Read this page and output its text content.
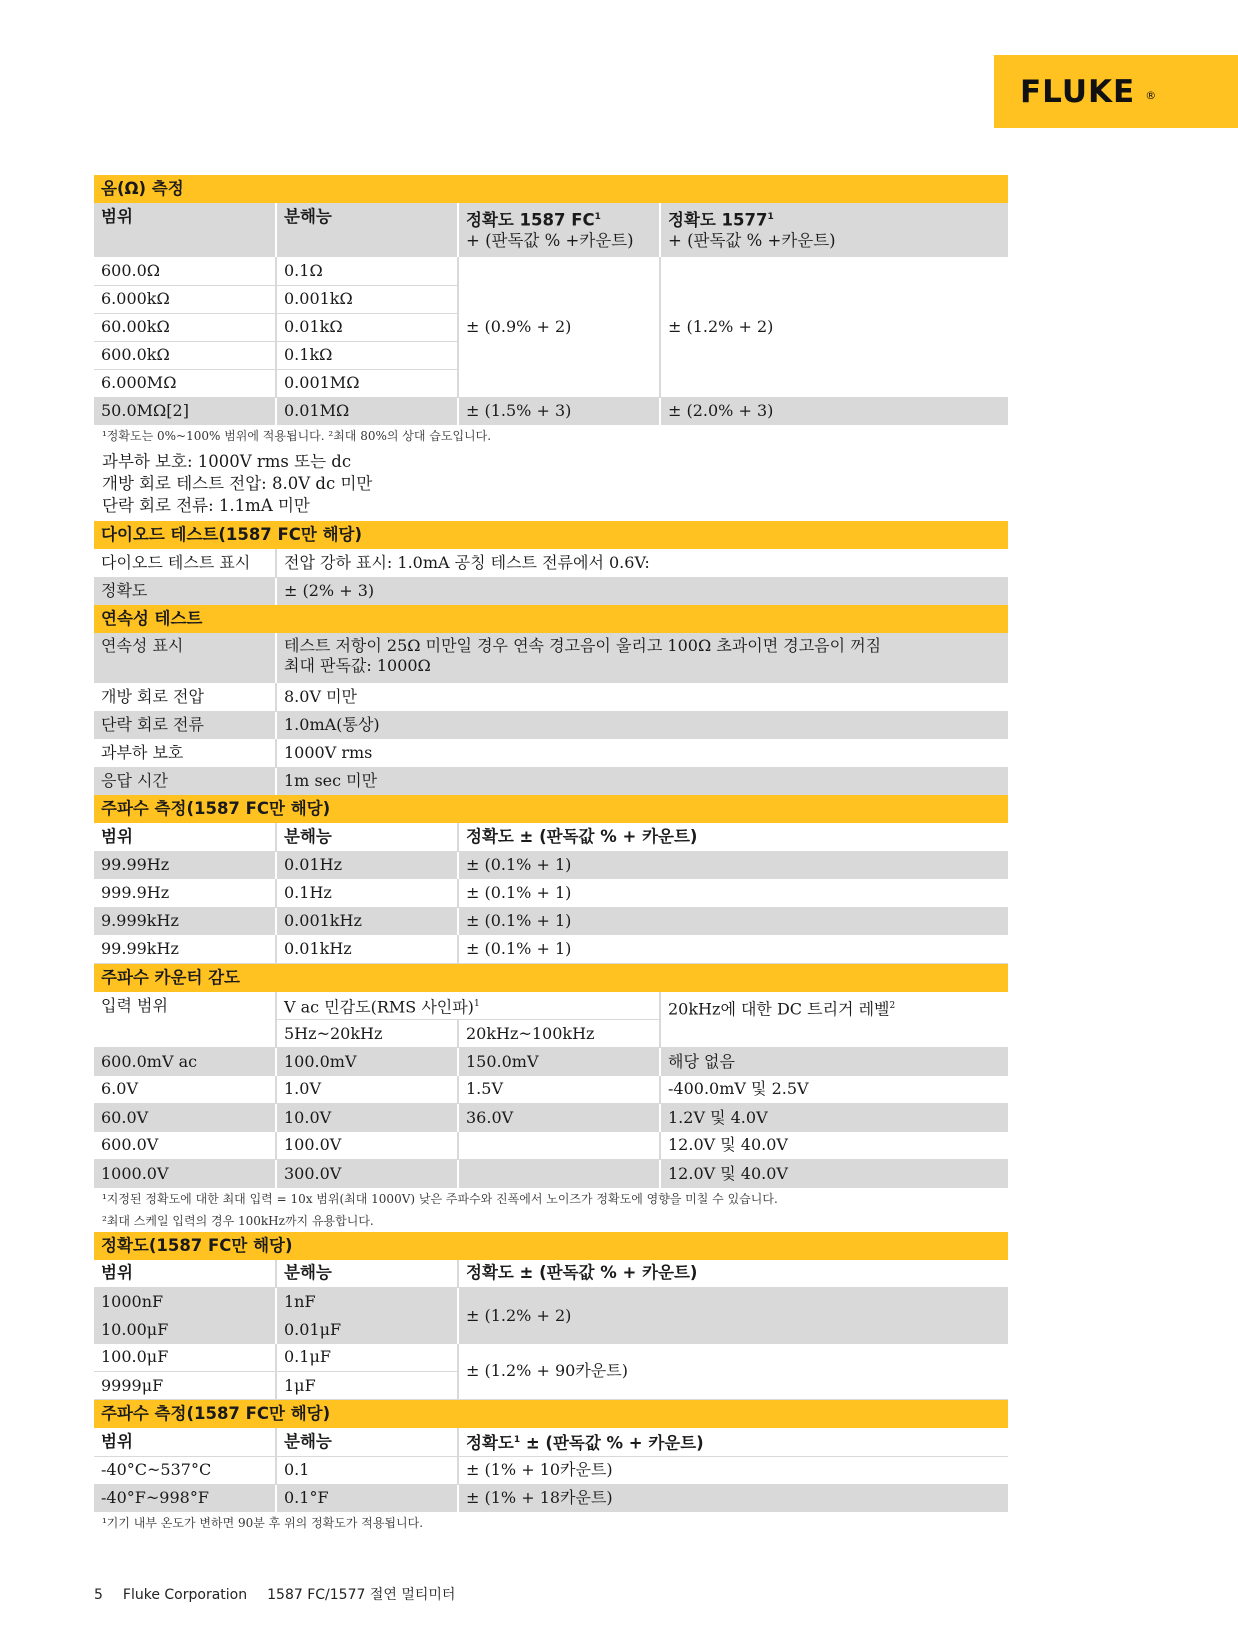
FLUKE ®
옴(Ω) 측정			
범위	분해능	정확도 1587 $FC^1$
+ (판독값 % +카운트)	정확도 $1577^1$
+ (판독값 % +카운트)
600.0Ω	0.1Ω	± (0.9% + 2)	± (1.2% + 2)
6.000kΩ	0.001kΩ		
60.00kΩ	0.01kΩ		
600.0kΩ	0.1kΩ		
6.000MΩ	0.001MΩ		
50.0MΩ[2]	0.01MΩ	± (1.5% + 3)	± (2.0% + 3)
¹정확도는 0%~100% 범위에 적용됩니다. ²최대 80%의 상대 습도입니다.
과부하 보호: 1000V rms 또는 dc
개방 회로 테스트 전압: 8.0V dc 미만
단락 회로 전류: 1.1mA 미만
다이오드 테스트(1587 FC만 해당)	
다이오드 테스트 표시	전압 강하 표시: 1.0mA 공칭 테스트 전류에서 0.6V:
정확도	± (2% + 3)
연속성 테스트	
연속성 표시	테스트 저항이 25Ω 미만일 경우 연속 경고음이 울리고 100Ω 초과이면 경고음이 꺼짐
최대 판독값: 1000Ω

개방 회로 전압	8.0V 미만
단락 회로 전류	1.0mA(통상)
과부하 보호	1000V rms
응답 시간	1m sec 미만
주파수 측정(1587 FC만 해당)		
범위	분해능	정확도 ± (판독값 % + 카운트)
99.99Hz	0.01Hz	± (0.1% + 1)
999.9Hz	0.1Hz	± (0.1% + 1)
9.999kHz	0.001kHz	± (0.1% + 1)
99.99kHz	0.01kHz	± (0.1% + 1)
주파수 카운터 감도			
입력 범위	V ac 민감도(RMS 사인파)$^1$		20kHz에 대한 DC 트리거 레벨$^2$
	5Hz~20kHz	20kHz~100kHz	
600.0mV ac	100.0mV	150.0mV	해당 없음
6.0V	1.0V	1.5V	-400.0mV 및 2.5V
60.0V	10.0V	36.0V	1.2V 및 4.0V
600.0V	100.0V		12.0V 및 40.0V
1000.0V	300.0V		12.0V 및 40.0V
¹지정된 정확도에 대한 최대 입력 = 10x 범위(최대 1000V) 낮은 주파수와 진폭에서 노이즈가 정확도에 영향을 미칠 수 있습니다.
²최대 스케일 입력의 경우 100kHz까지 유용합니다.
정확도(1587 FC만 해당)		
범위	분해능	정확도 ± (판독값 % + 카운트)
1000nF	1nF	± (1.2% + 2)
10.00μF	0.01μF	
100.0μF	0.1μF	± (1.2% + 90카운트)
9999μF	1μF	
주파수 측정(1587 FC만 해당)		
범위	분해능	정확도$^1$ ± (판독값 % + 카운트)
-40°C~537°C	0.1	± (1% + 10카운트)
-40°F~998°F	0.1°F	± (1% + 18카운트)
¹기기 내부 온도가 변하면 90분 후 위의 정확도가 적용됩니다.
5 Fluke Corporation 1587 FC/1577 절연 멀티미터
